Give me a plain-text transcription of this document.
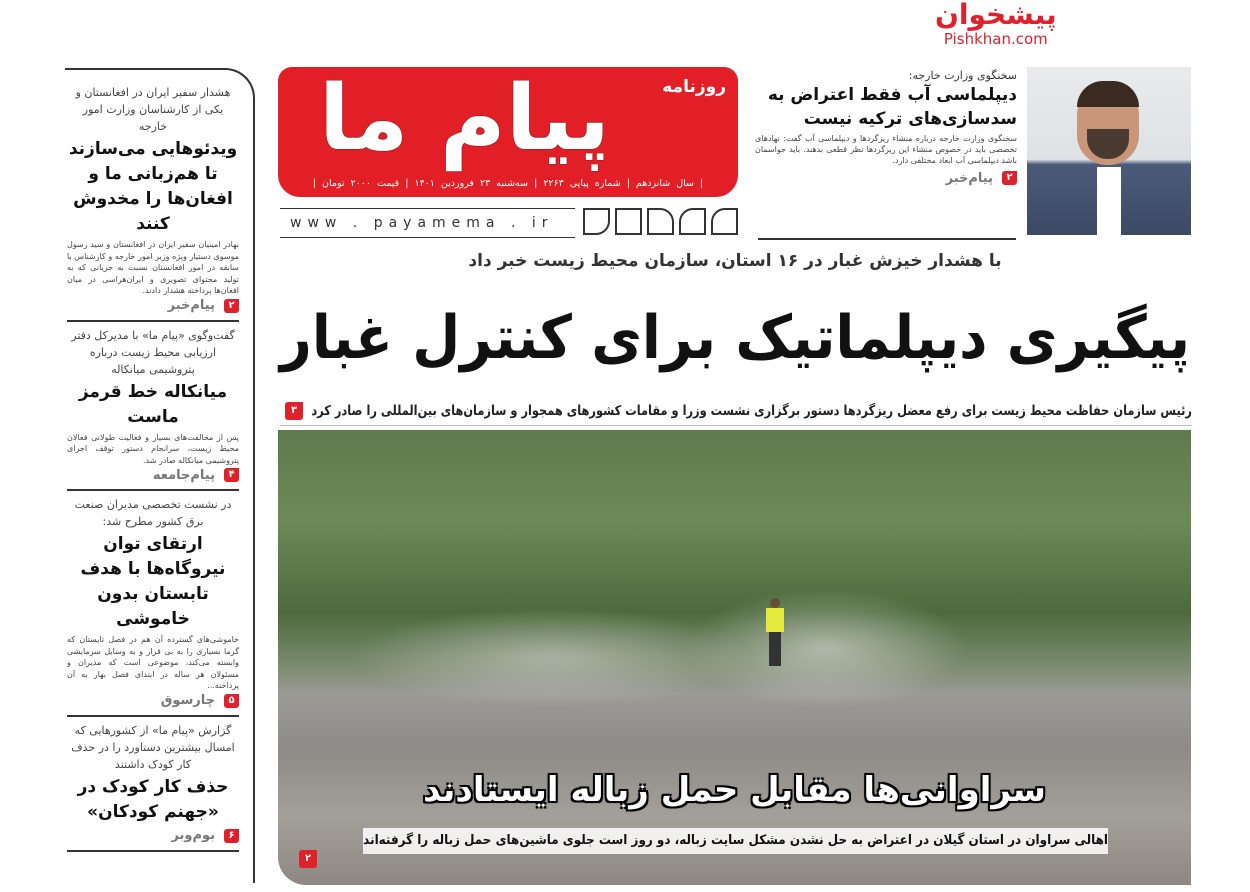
پیشخوان
Pishkhan.com
هشدار سفیر ایران در افغانستان و یکی از کارشناسان وزارت امور خارجه
ویدئوهایی می‌سازند تا هم‌زبانی ما و افغان‌ها را مخدوش کنند
بهادر امینیان سفیر ایران در افغانستان و سید رسول موسوی دستیار ویژه وزیر امور خارجه و کارشناس با سابقه در امور افغانستان نسبت به جریانی که به تولید محتوای تصویری و ایران‌هراسی در میان افغان‌ها پرداخته هشدار دادند.
پیام‌خبر	۲
گفت‌وگوی «پیام ما» با مدیرکل دفتر ارزیابی محیط زیست درباره پتروشیمی میانکاله
میانکاله خط قرمز ماست
پس از مخالفت‌های بسیار و فعالیت طولانی فعالان محیط زیست، سرانجام دستور توقف اجرای پتروشیمی میانکاله صادر شد.
پیام‌جامعه	۴
در نشست تخصصی مدیران صنعت برق کشور مطرح شد:
ارتقای توان نیروگاه‌ها با هدف تابستان بدون خاموشی
خاموشی‌های گسترده آن هم در فصل تابستان که گرما بسیاری را به بی قرار و به وسایل سرمایشی وابسته می‌کند، موضوعی است که مدیران و مسئولان هر ساله در ابتدای فصل بهار به آن پرداخته...
چارسوق	۵
گزارش «پیام ما» از کشورهایی که امسال بیشترین دستاورد را در حذف کار کودک داشتند
حذف کار کودک در «جهنم کودکان»
بوم‌وبر	۶
پیام ما	روزنامه
| سال شانزدهم | شماره پیاپی ۲۲۶۳ | سه‌شنبه ۲۳ فروردین ۱۴۰۱ | قیمت ۲۰۰۰ تومان |
www . payamema . ir
سخنگوی وزارت خارجه:
دیپلماسی آب فقط اعتراض به سدسازی‌های ترکیه نیست
سخنگوی وزارت خارجه درباره منشاء ریزگردها و دیپلماسی آب گفت: نهادهای تخصصی باید در خصوص منشاء این ریزگردها نظر قطعی بدهند. باید حواسمان باشد دیپلماسی آب ابعاد مختلفی دارد.
پیام‌خبر	۲
با هشدار خیزش غبار در ۱۶ استان، سازمان محیط زیست خبر داد
پیگیری دیپلماتیک برای کنترل غبار
رئیس سازمان حفاظت محیط زیست برای رفع معضل ریزگردها دستور برگزاری نشست وزرا و مقامات کشورهای همجوار و سازمان‌های بین‌المللی را صادر کرد
۳
سراوانی‌ها مقابل حمل زباله ایستادند
اهالی سراوان در استان گیلان در اعتراض به حل نشدن مشکل سایت زباله، دو روز است جلوی ماشین‌های حمل زباله را گرفته‌اند
۲
